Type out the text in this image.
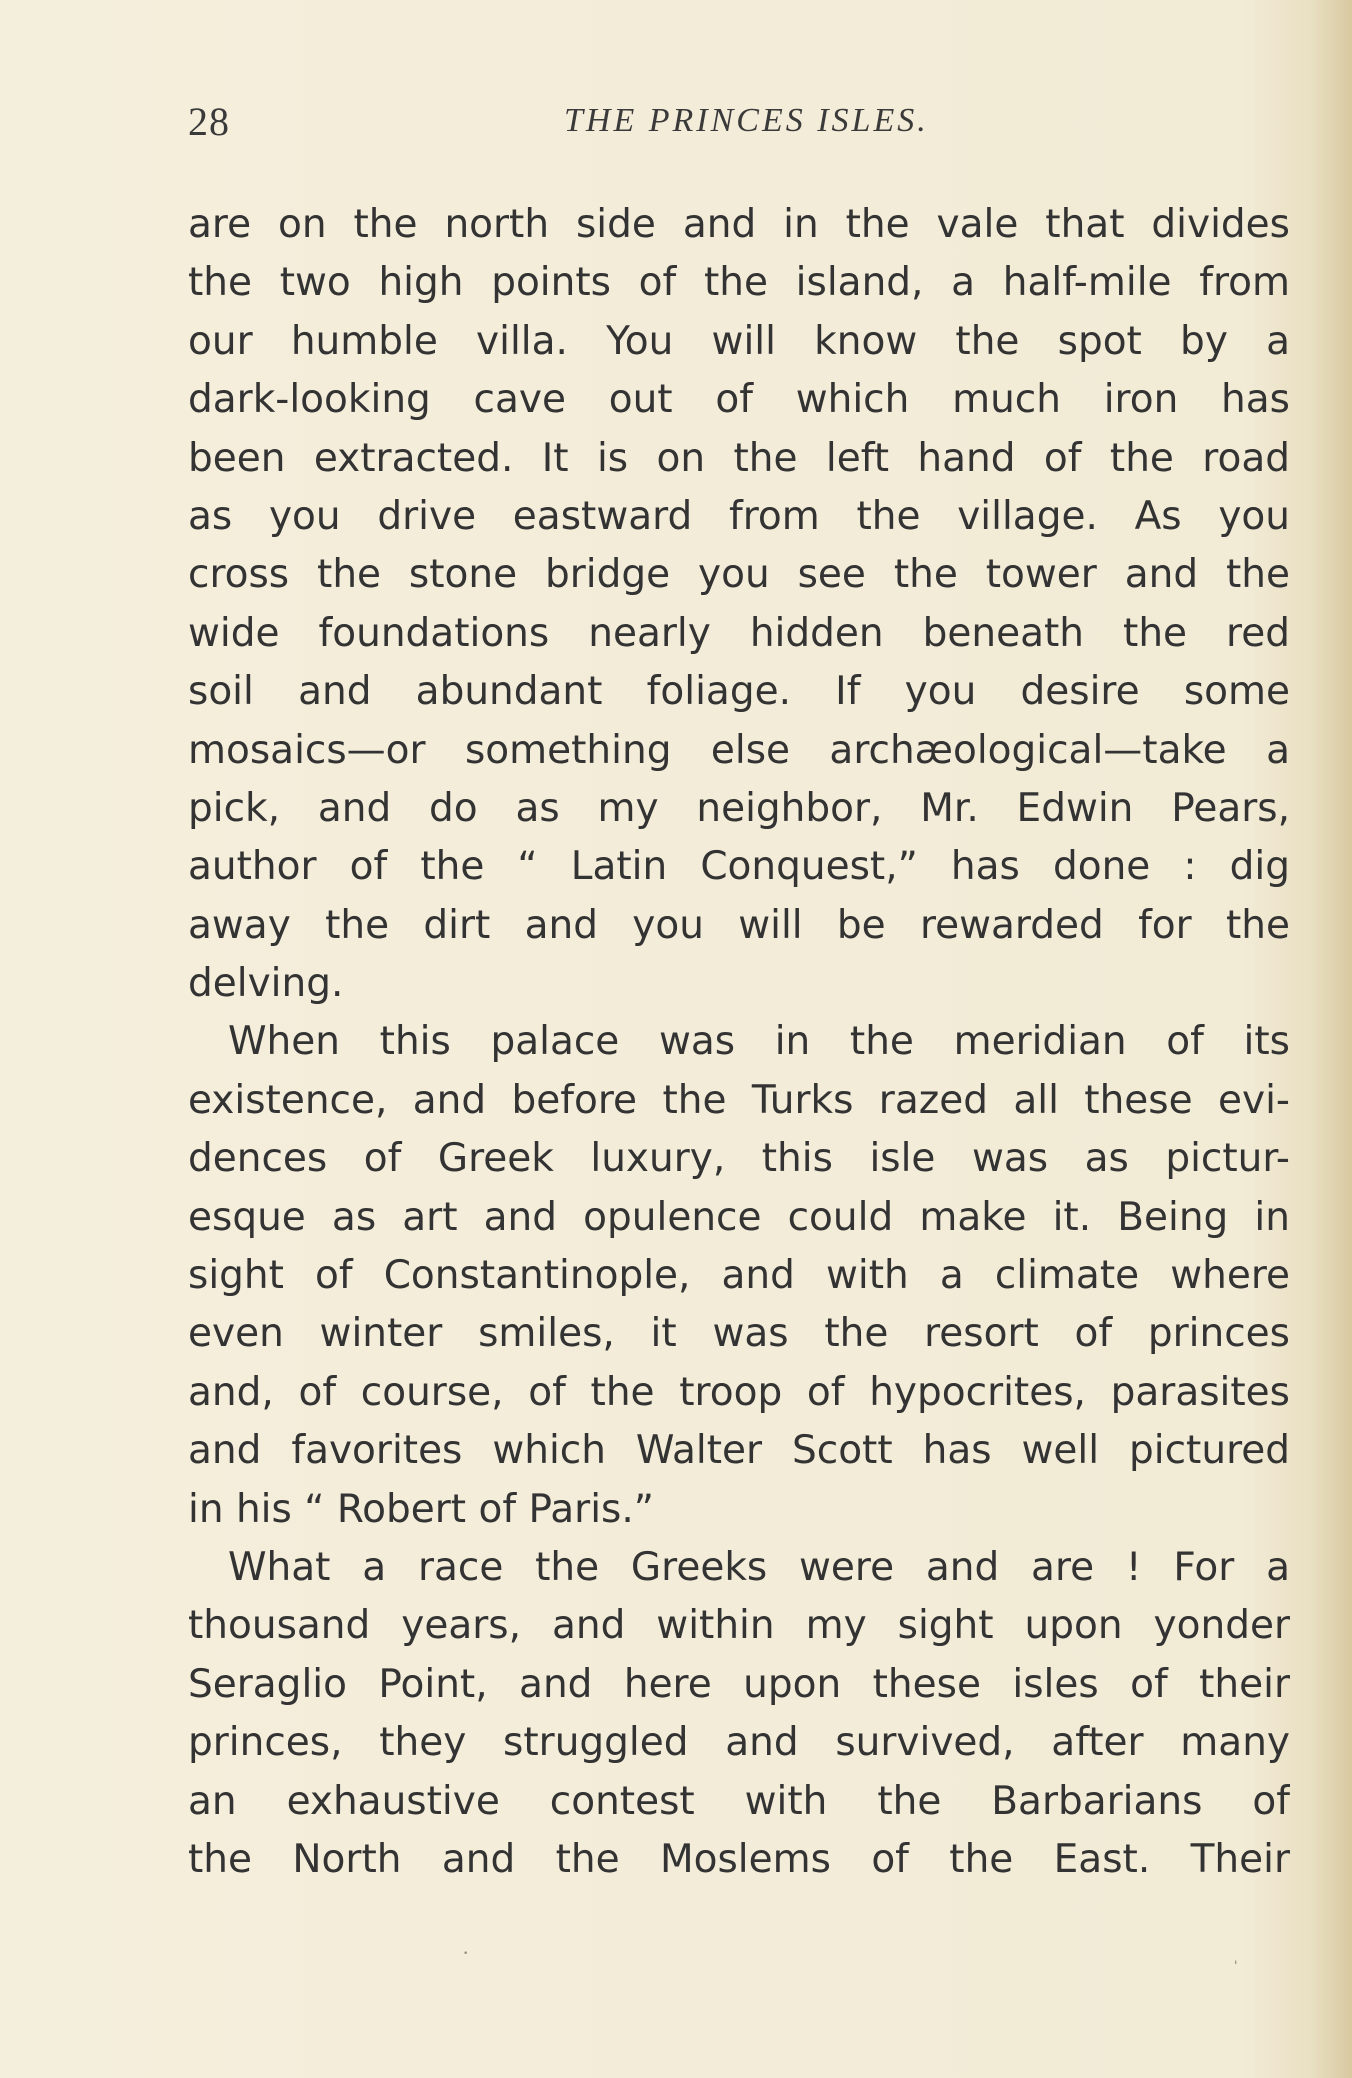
28	THE PRINCES ISLES.
are on the north side and in the vale that divides
the two high points of the island, a half-mile from
our humble villa. You will know the spot by a
dark-looking cave out of which much iron has
been extracted. It is on the left hand of the road
as you drive eastward from the village. As you
cross the stone bridge you see the tower and the
wide foundations nearly hidden beneath the red
soil and abundant foliage. If you desire some
mosaics—or something else archæological—take a
pick, and do as my neighbor, Mr. Edwin Pears,
author of the “ Latin Conquest,” has done : dig
away the dirt and you will be rewarded for the
delving.
When this palace was in the meridian of its
existence, and before the Turks razed all these evi-
dences of Greek luxury, this isle was as pictur-
esque as art and opulence could make it. Being in
sight of Constantinople, and with a climate where
even winter smiles, it was the resort of princes
and, of course, of the troop of hypocrites, parasites
and favorites which Walter Scott has well pictured
in his “ Robert of Paris.”
What a race the Greeks were and are ! For a
thousand years, and within my sight upon yonder
Seraglio Point, and here upon these isles of their
princes, they struggled and survived, after many
an exhaustive contest with the Barbarians of
the North and the Moslems of the East. Their
·
ˈ
